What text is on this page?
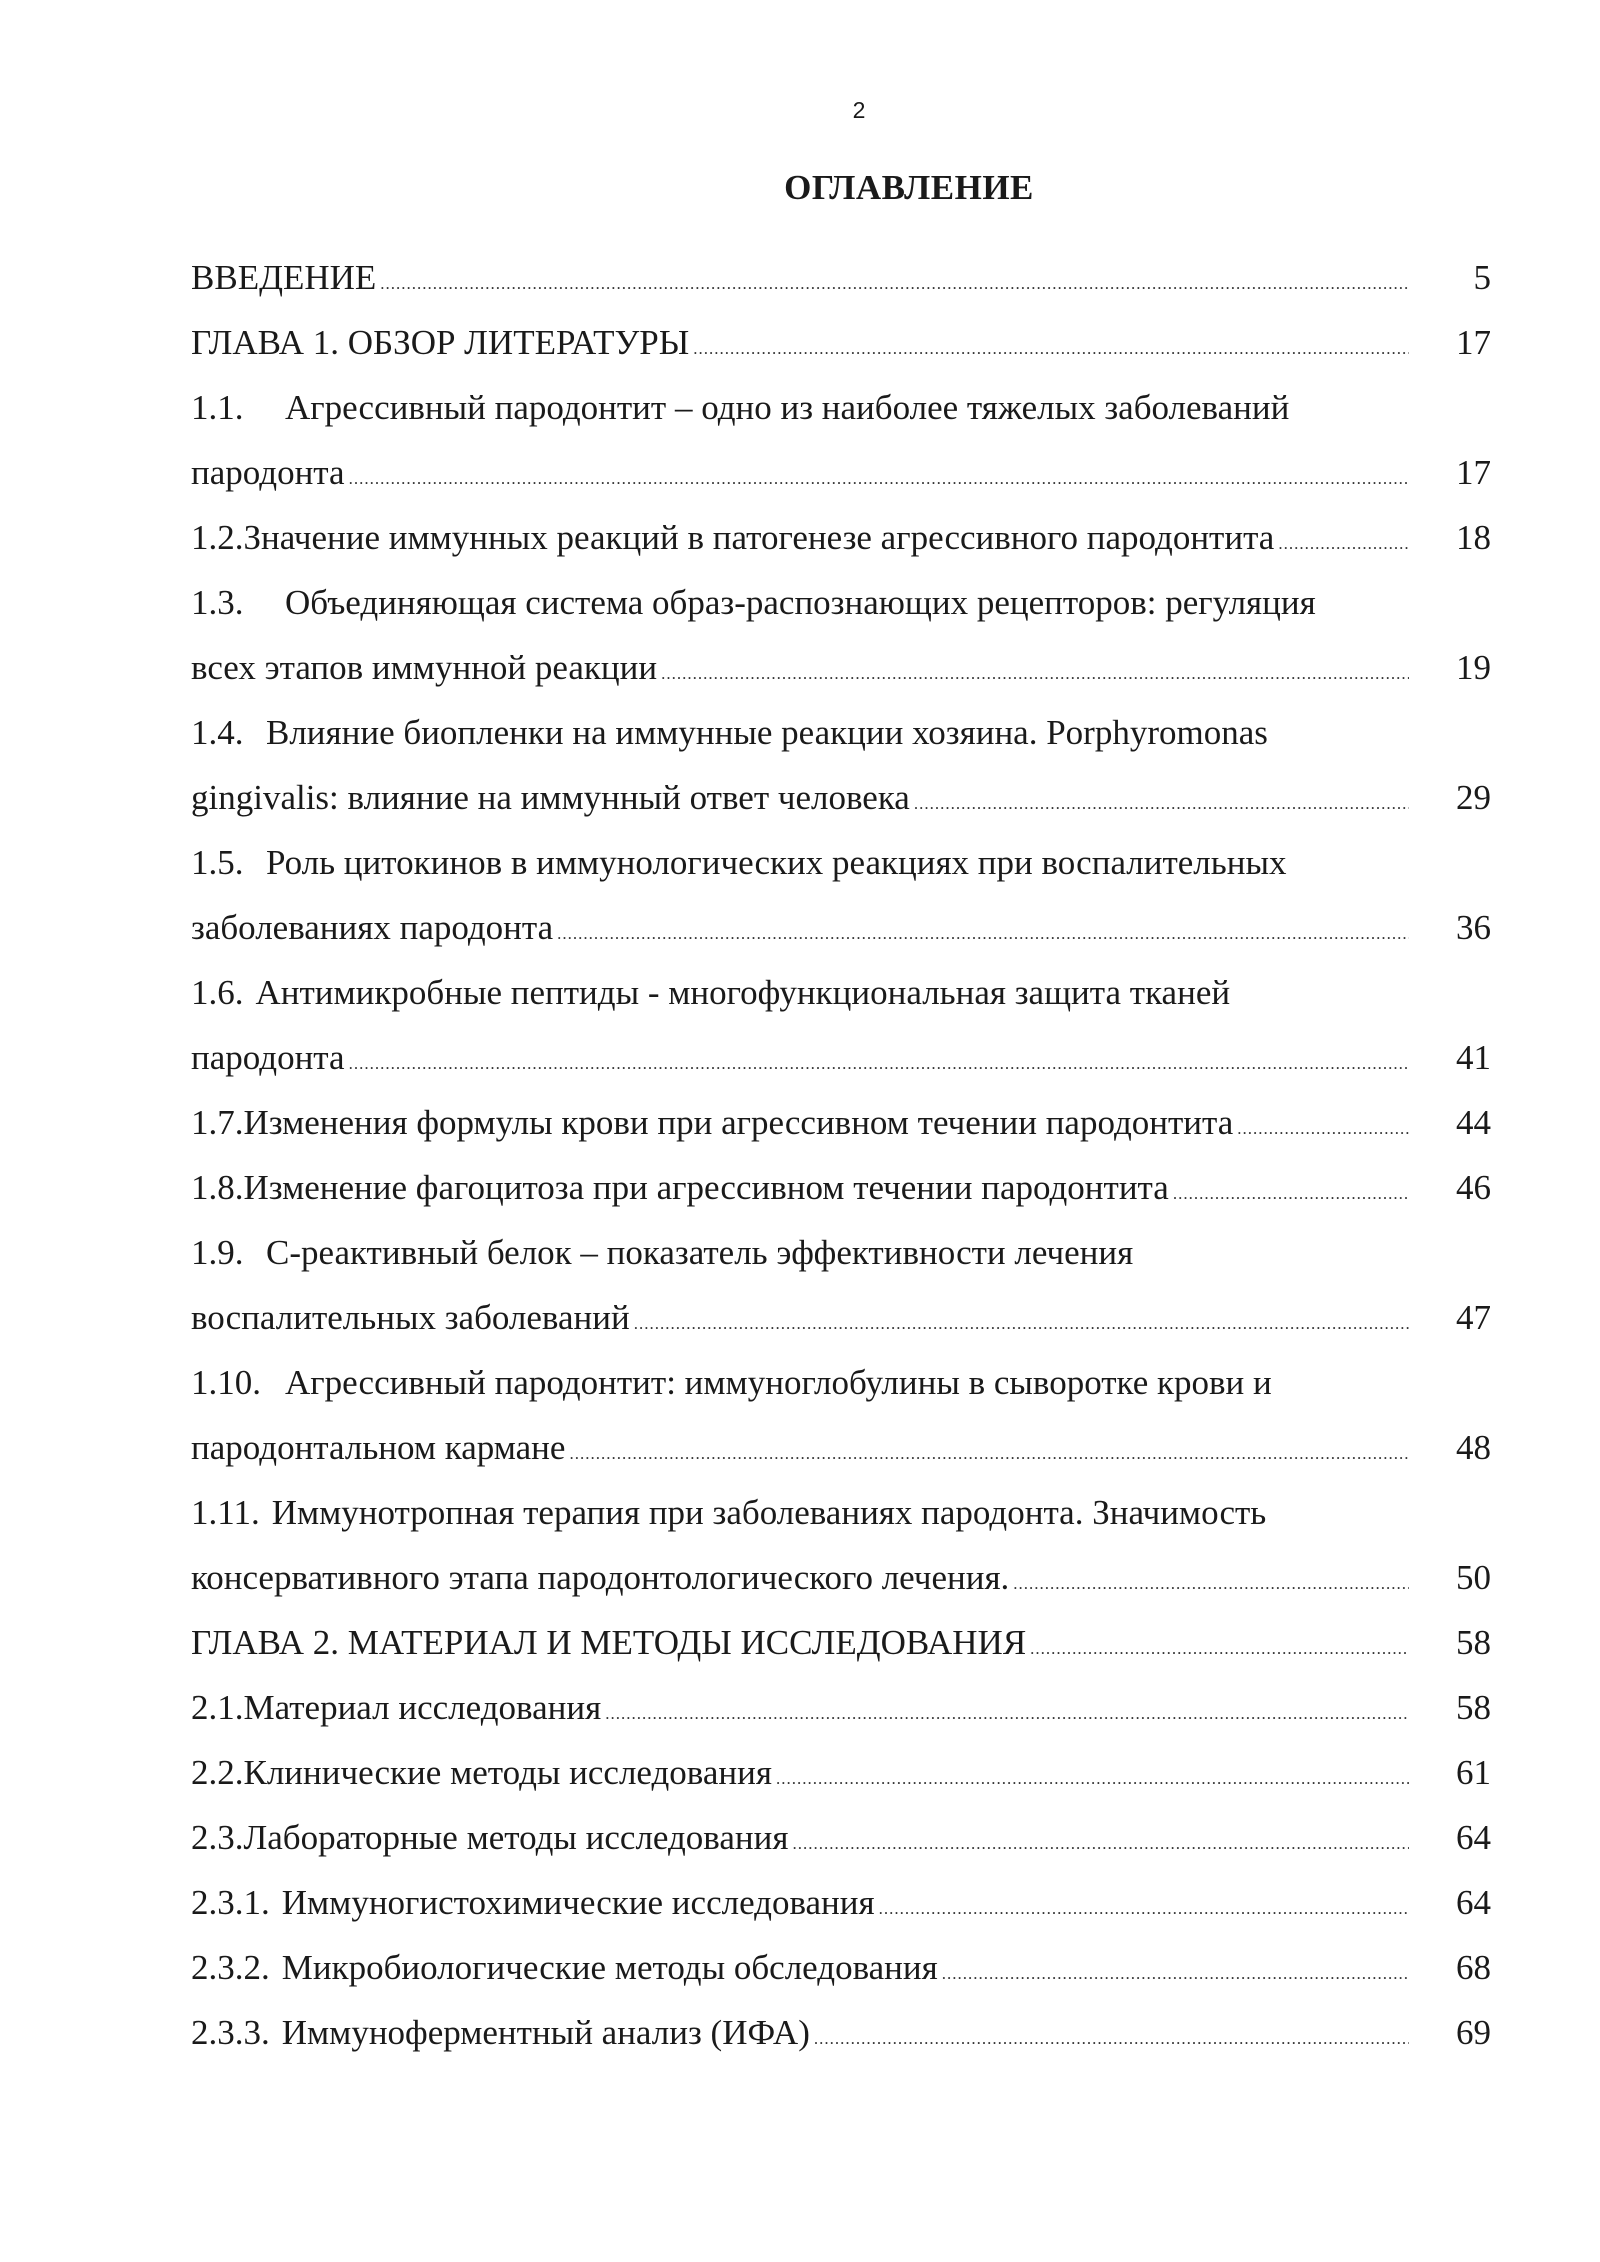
2
ОГЛАВЛЕНИЕ
ВВЕДЕНИЕ .....	5
ГЛАВА 1. ОБЗОР ЛИТЕРАТУРЫ .....	17
1.1.	Агрессивный пародонтит – одно из наиболее тяжелых заболеваний
пародонта .....	17
1.2. Значение иммунных реакций в патогенезе агрессивного пародонтита .....	18
1.3.	Объединяющая система образ-распознающих рецепторов: регуляция
всех этапов иммунной реакции .....	19
1.4. Влияние биопленки на иммунные реакции хозяина. Porphyromonas
gingivalis: влияние на иммунный ответ человека .....	29
1.5. Роль цитокинов в иммунологических реакциях при воспалительных
заболеваниях пародонта .....	36
1.6. Антимикробные пептиды - многофункциональная защита тканей
пародонта .....	41
1.7. Изменения формулы крови при агрессивном течении пародонтита .....	44
1.8. Изменение фагоцитоза при агрессивном течении пародонтита .....	46
1.9. С-реактивный белок – показатель эффективности лечения
воспалительных заболеваний .....	47
1.10. Агрессивный пародонтит: иммуноглобулины в сыворотке крови и
пародонтальном кармане .....	48
1.11. Иммунотропная терапия при заболеваниях пародонта. Значимость
консервативного этапа пародонтологического лечения. .....	50
ГЛАВА 2. МАТЕРИАЛ И МЕТОДЫ ИССЛЕДОВАНИЯ .....	58
2.1. Материал исследования .....	58
2.2. Клинические методы исследования .....	61
2.3. Лабораторные методы исследования .....	64
2.3.1. Иммуногистохимические исследования .....	64
2.3.2. Микробиологические методы обследования .....	68
2.3.3. Иммуноферментный анализ (ИФА) .....	69
